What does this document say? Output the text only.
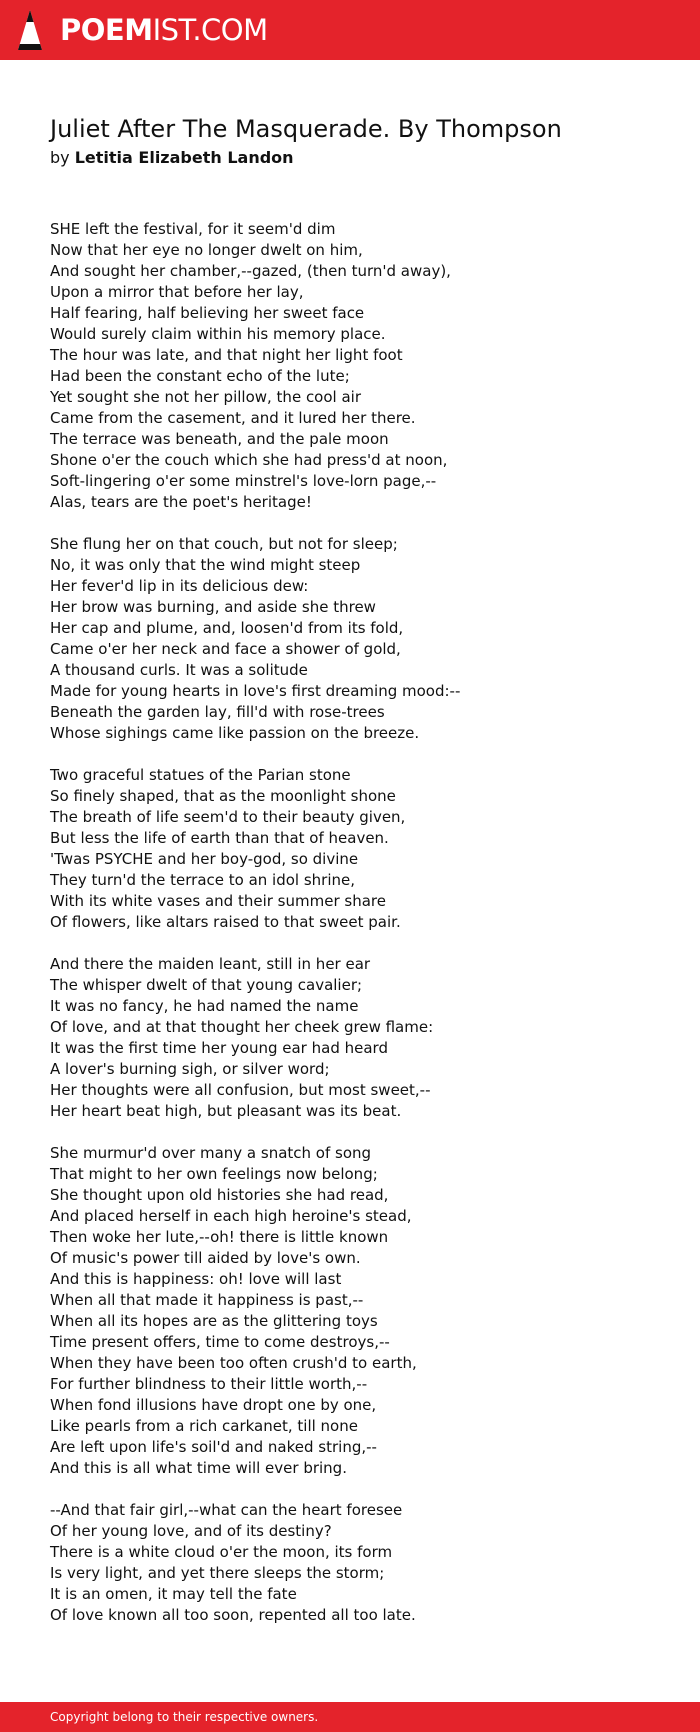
POEMIST.COM
Juliet After The Masquerade. By Thompson
by Letitia Elizabeth Landon
SHE left the festival, for it seem'd dim
Now that her eye no longer dwelt on him,
And sought her chamber,--gazed, (then turn'd away),
Upon a mirror that before her lay,
Half fearing, half believing her sweet face
Would surely claim within his memory place.
The hour was late, and that night her light foot
Had been the constant echo of the lute;
Yet sought she not her pillow, the cool air
Came from the casement, and it lured her there.
The terrace was beneath, and the pale moon
Shone o'er the couch which she had press'd at noon,
Soft-lingering o'er some minstrel's love-lorn page,--
Alas, tears are the poet's heritage!
She flung her on that couch, but not for sleep;
No, it was only that the wind might steep
Her fever'd lip in its delicious dew:
Her brow was burning, and aside she threw
Her cap and plume, and, loosen'd from its fold,
Came o'er her neck and face a shower of gold,
A thousand curls. It was a solitude
Made for young hearts in love's first dreaming mood:--
Beneath the garden lay, fill'd with rose-trees
Whose sighings came like passion on the breeze.
Two graceful statues of the Parian stone
So finely shaped, that as the moonlight shone
The breath of life seem'd to their beauty given,
But less the life of earth than that of heaven.
'Twas PSYCHE and her boy-god, so divine
They turn'd the terrace to an idol shrine,
With its white vases and their summer share
Of flowers, like altars raised to that sweet pair.
And there the maiden leant, still in her ear
The whisper dwelt of that young cavalier;
It was no fancy, he had named the name
Of love, and at that thought her cheek grew flame:
It was the first time her young ear had heard
A lover's burning sigh, or silver word;
Her thoughts were all confusion, but most sweet,--
Her heart beat high, but pleasant was its beat.
She murmur'd over many a snatch of song
That might to her own feelings now belong;
She thought upon old histories she had read,
And placed herself in each high heroine's stead,
Then woke her lute,--oh! there is little known
Of music's power till aided by love's own.
And this is happiness: oh! love will last
When all that made it happiness is past,--
When all its hopes are as the glittering toys
Time present offers, time to come destroys,--
When they have been too often crush'd to earth,
For further blindness to their little worth,--
When fond illusions have dropt one by one,
Like pearls from a rich carkanet, till none
Are left upon life's soil'd and naked string,--
And this is all what time will ever bring.
--And that fair girl,--what can the heart foresee
Of her young love, and of its destiny?
There is a white cloud o'er the moon, its form
Is very light, and yet there sleeps the storm;
It is an omen, it may tell the fate
Of love known all too soon, repented all too late.
Copyright belong to their respective owners.
